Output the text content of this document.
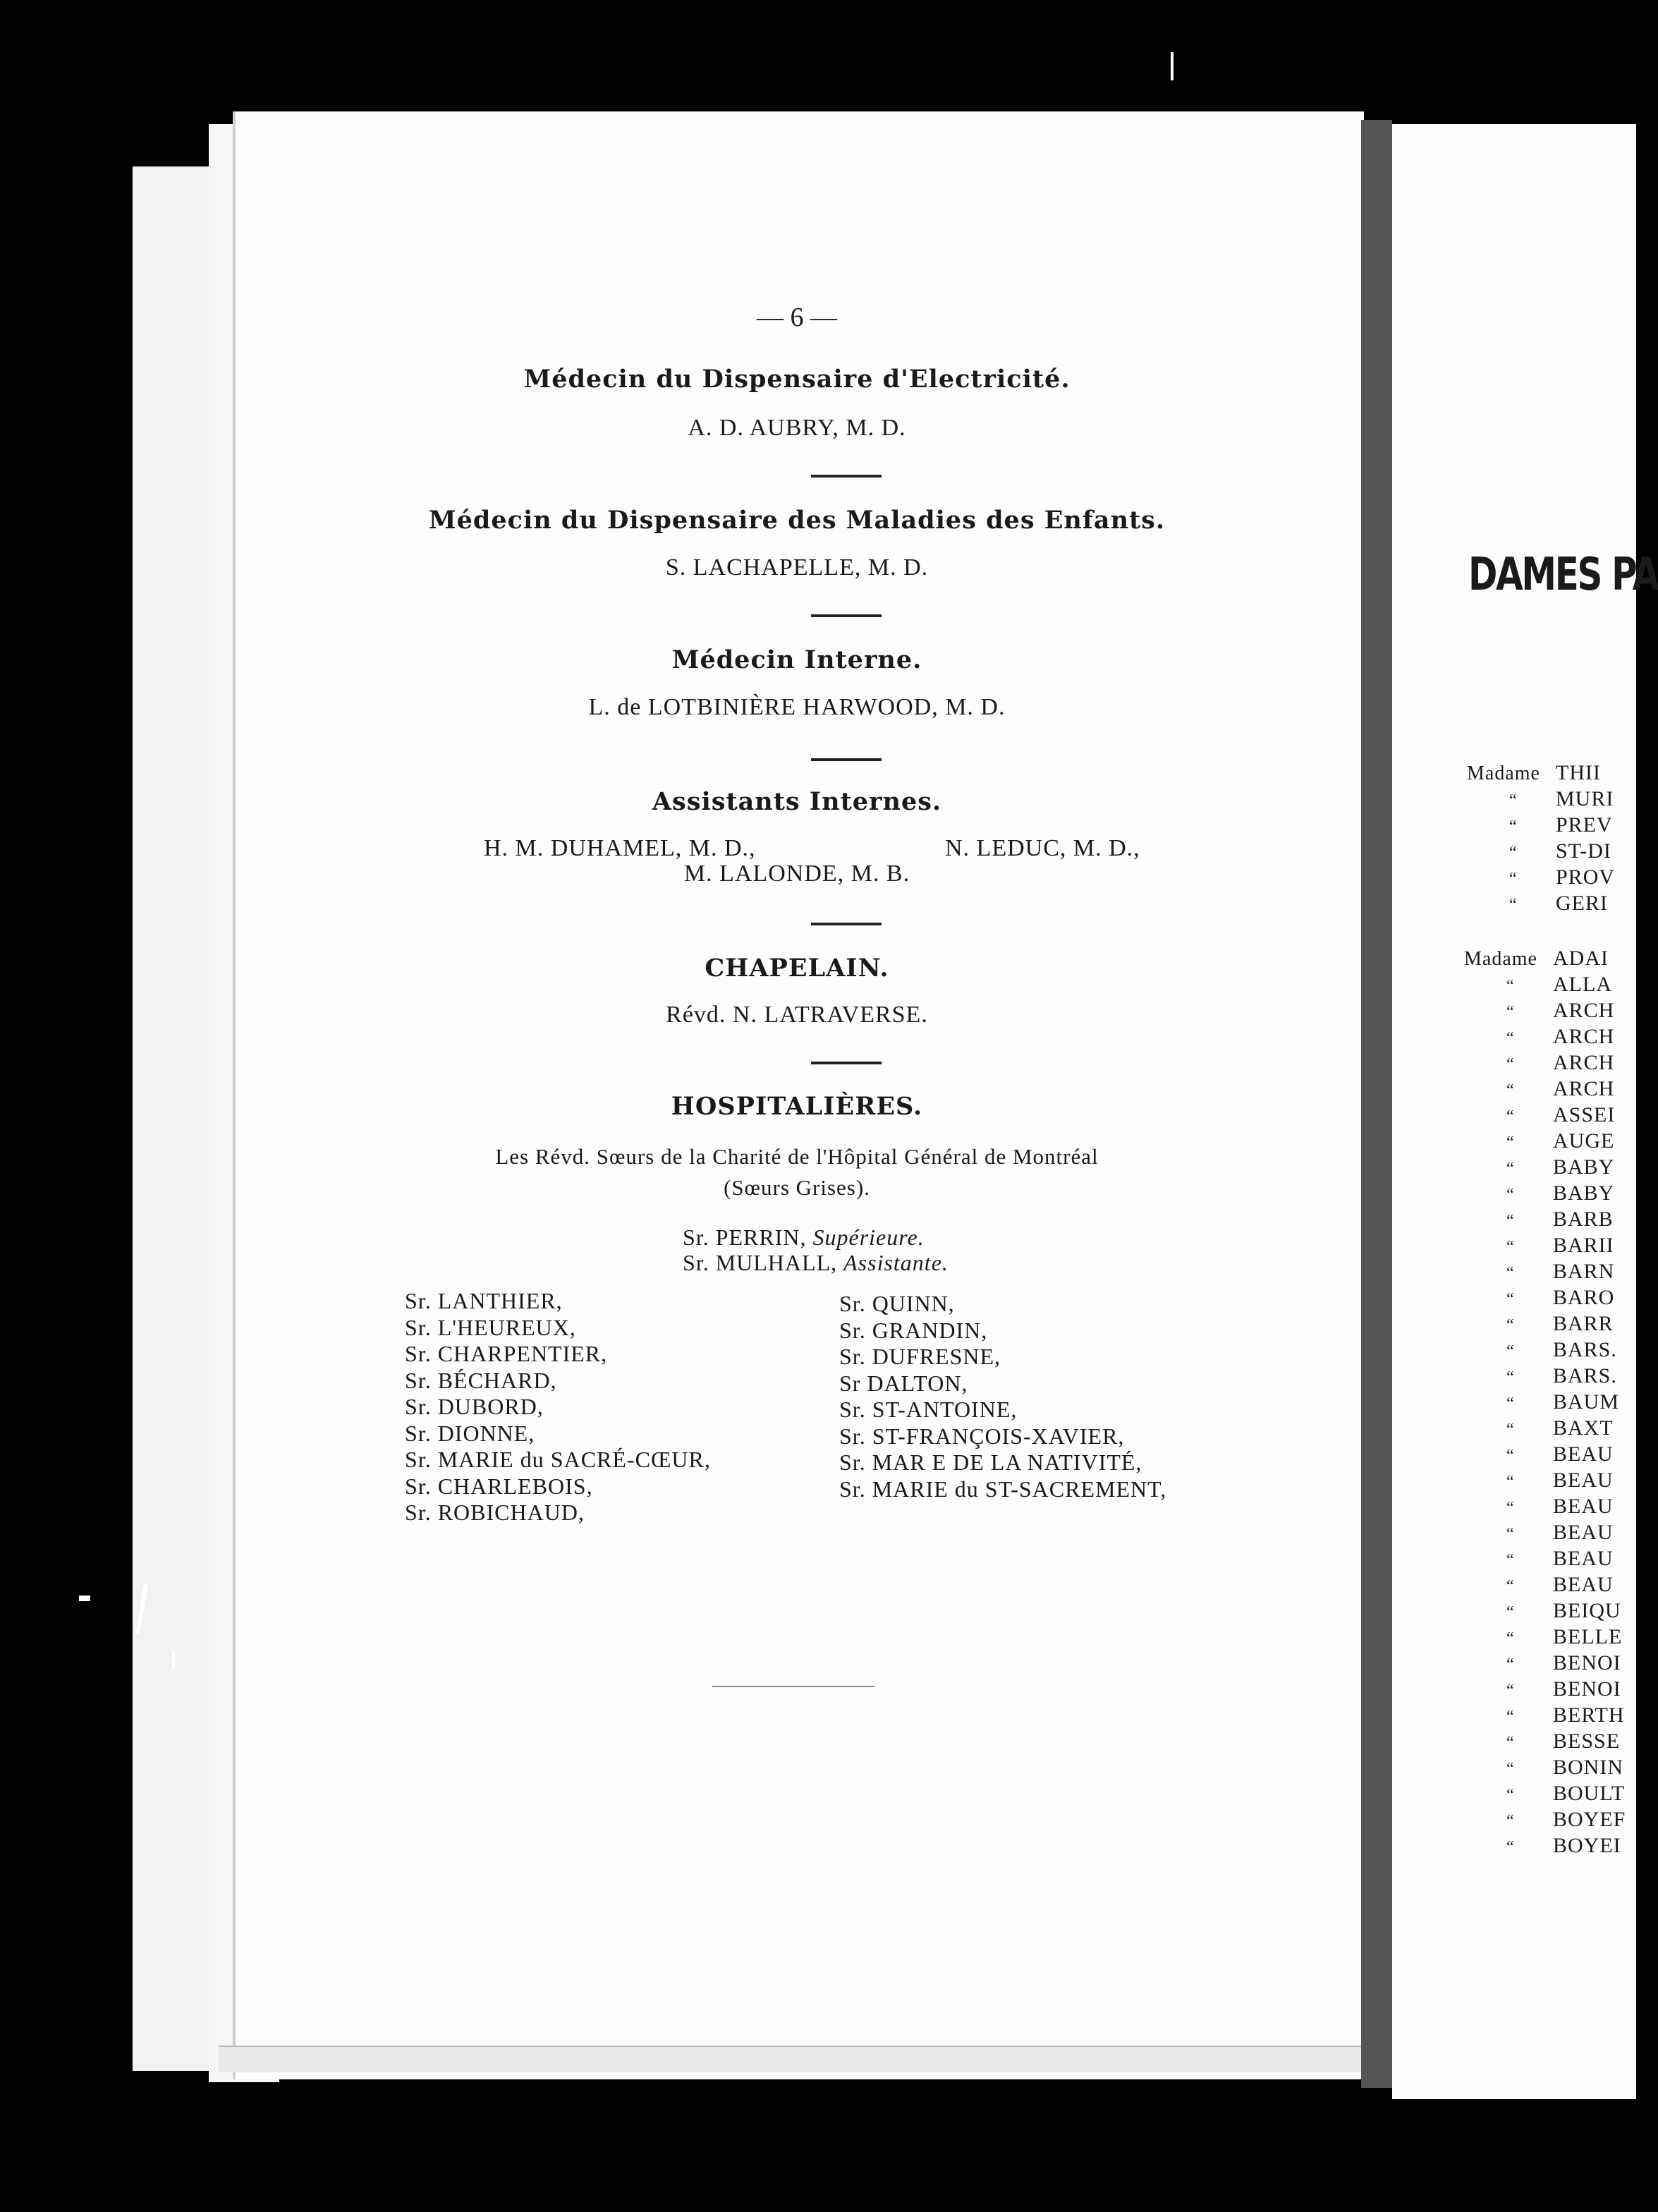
— 6 —
Médecin du Dispensaire d'Electricité.
A. D. AUBRY, M. D.
Médecin du Dispensaire des Maladies des Enfants.
S. LACHAPELLE, M. D.
Médecin Interne.
L. de LOTBINIÈRE HARWOOD, M. D.
Assistants Internes.
H. M. DUHAMEL, M. D.,	N. LEDUC, M. D.,
M. LALONDE, M. B.
CHAPELAIN.
Révd. N. LATRAVERSE.
HOSPITALIÈRES.
Les Révd. Sœurs de la Charité de l'Hôpital Général de Montréal
(Sœurs Grises).
Sr. PERRIN, Supérieure.
Sr. MULHALL, Assistante.
Sr. LANTHIER,
Sr. L'HEUREUX,
Sr. CHARPENTIER,
Sr. BÉCHARD,
Sr. DUBORD,
Sr. DIONNE,
Sr. MARIE du SACRÉ-CŒUR,
Sr. CHARLEBOIS,
Sr. ROBICHAUD,
Sr. QUINN,
Sr. GRANDIN,
Sr. DUFRESNE,
Sr DALTON,
Sr. ST-ANTOINE,
Sr. ST-FRANÇOIS-XAVIER,
Sr. MAR E DE LA NATIVITÉ,
Sr. MARIE du ST-SACREMENT,
DAMES PA
Madame THII
“ MURI
“ PREV
“ ST-DI
“ PROV
“ GERI
Madame ADAI
“ ALLA
“ ARCH
“ ARCH
“ ARCH
“ ARCH
“ ASSEI
“ AUGE
“ BABY
“ BABY
“ BARB
“ BARII
“ BARN
“ BARO
“ BARR
“ BARS.
“ BARS.
“ BAUM
“ BAXT
“ BEAU
“ BEAU
“ BEAU
“ BEAU
“ BEAU
“ BEAU
“ BEIQU
“ BELLE
“ BENOI
“ BENOI
“ BERTH
“ BESSE
“ BONIN
“ BOULT
“ BOYEF
“ BOYEI
